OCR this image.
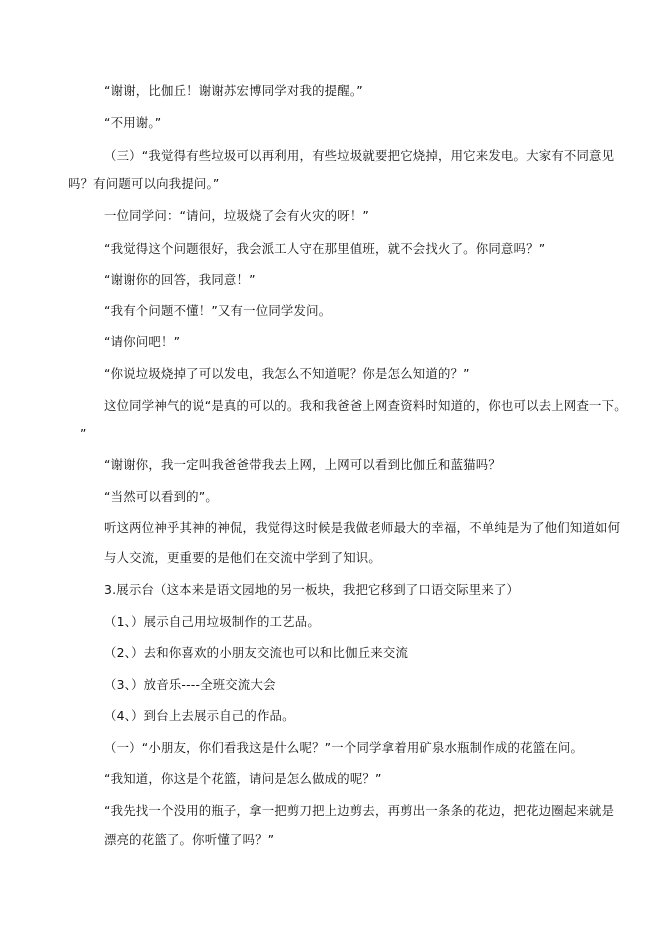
“谢谢，比伽丘！谢谢苏宏博同学对我的提醒。”
“不用谢。”
（三）“我觉得有些垃圾可以再利用，有些垃圾就要把它烧掉，用它来发电。大家有不同意见
吗？有问题可以向我提问。”
一位同学问：“请问，垃圾烧了会有火灾的呀！”
“我觉得这个问题很好，我会派工人守在那里值班，就不会找火了。你同意吗？”
“谢谢你的回答，我同意！”
“我有个问题不懂！”又有一位同学发问。
“请你问吧！”
“你说垃圾烧掉了可以发电，我怎么不知道呢？你是怎么知道的？”
这位同学神气的说“是真的可以的。我和我爸爸上网查资料时知道的，你也可以去上网查一下。
”
“谢谢你，我一定叫我爸爸带我去上网，上网可以看到比伽丘和蓝猫吗？
“当然可以看到的”。
听这两位神乎其神的神侃，我觉得这时候是我做老师最大的幸福，不单纯是为了他们知道如何
与人交流，更重要的是他们在交流中学到了知识。
3.展示台（这本来是语文园地的另一板块，我把它移到了口语交际里来了）
（1、）展示自己用垃圾制作的工艺品。
（2、）去和你喜欢的小朋友交流也可以和比伽丘来交流
（3、）放音乐----全班交流大会
（4、）到台上去展示自己的作品。
（一）“小朋友，你们看我这是什么呢？”一个同学拿着用矿泉水瓶制作成的花篮在问。
“我知道，你这是个花篮，请问是怎么做成的呢？”
“我先找一个没用的瓶子，拿一把剪刀把上边剪去，再剪出一条条的花边，把花边圈起来就是
漂亮的花篮了。你听懂了吗？”
